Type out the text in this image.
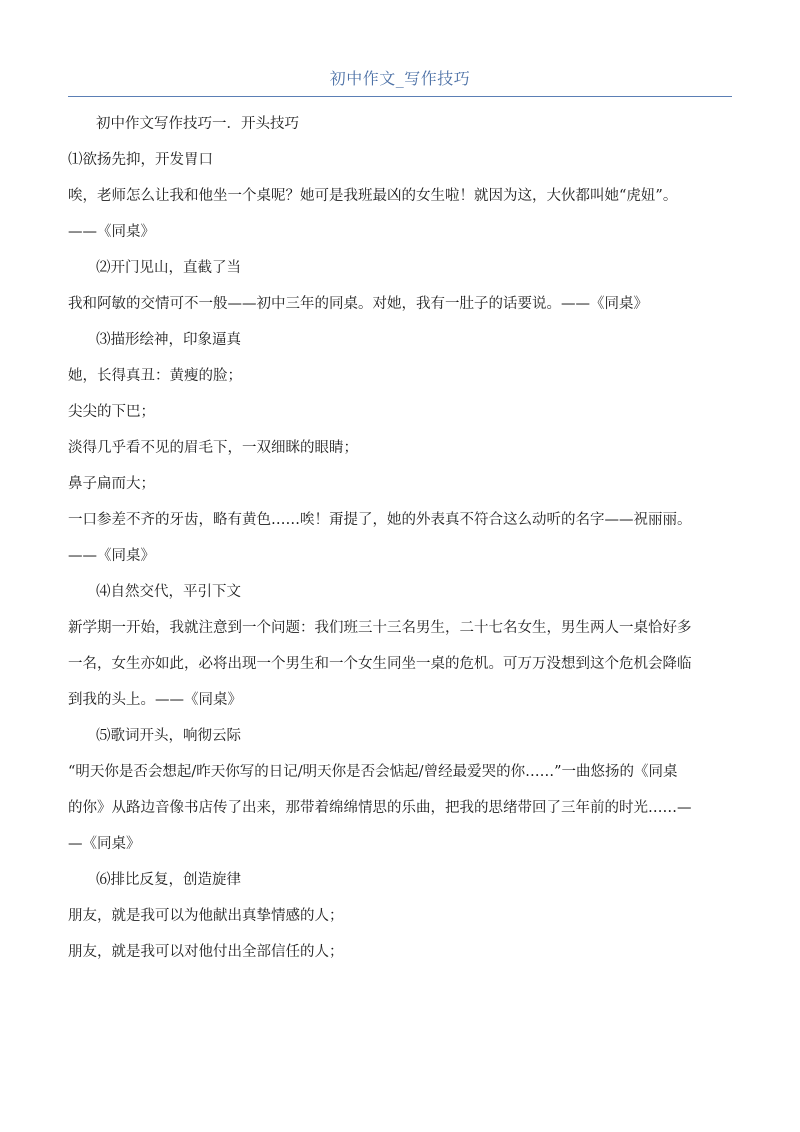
初中作文_写作技巧
初中作文写作技巧一．开头技巧
⑴欲扬先抑，开发胃口
唉，老师怎么让我和他坐一个桌呢？她可是我班最凶的女生啦！就因为这，大伙都叫她“虎妞”。
——《同桌》
⑵开门见山，直截了当
我和阿敏的交情可不一般——初中三年的同桌。对她，我有一肚子的话要说。——《同桌》
⑶描形绘神，印象逼真
她，长得真丑：黄瘦的脸；
尖尖的下巴；
淡得几乎看不见的眉毛下，一双细眯的眼睛；
鼻子扁而大；
一口参差不齐的牙齿，略有黄色……唉！甭提了，她的外表真不符合这么动听的名字——祝丽丽。
——《同桌》
⑷自然交代，平引下文
新学期一开始，我就注意到一个问题：我们班三十三名男生，二十七名女生，男生两人一桌恰好多
一名，女生亦如此，必将出现一个男生和一个女生同坐一桌的危机。可万万没想到这个危机会降临
到我的头上。——《同桌》
⑸歌词开头，响彻云际
“明天你是否会想起/昨天你写的日记/明天你是否会惦起/曾经最爱哭的你……”一曲悠扬的《同桌
的你》从路边音像书店传了出来，那带着绵绵情思的乐曲，把我的思绪带回了三年前的时光……—
—《同桌》
⑹排比反复，创造旋律
朋友，就是我可以为他献出真挚情感的人；
朋友，就是我可以对他付出全部信任的人；
